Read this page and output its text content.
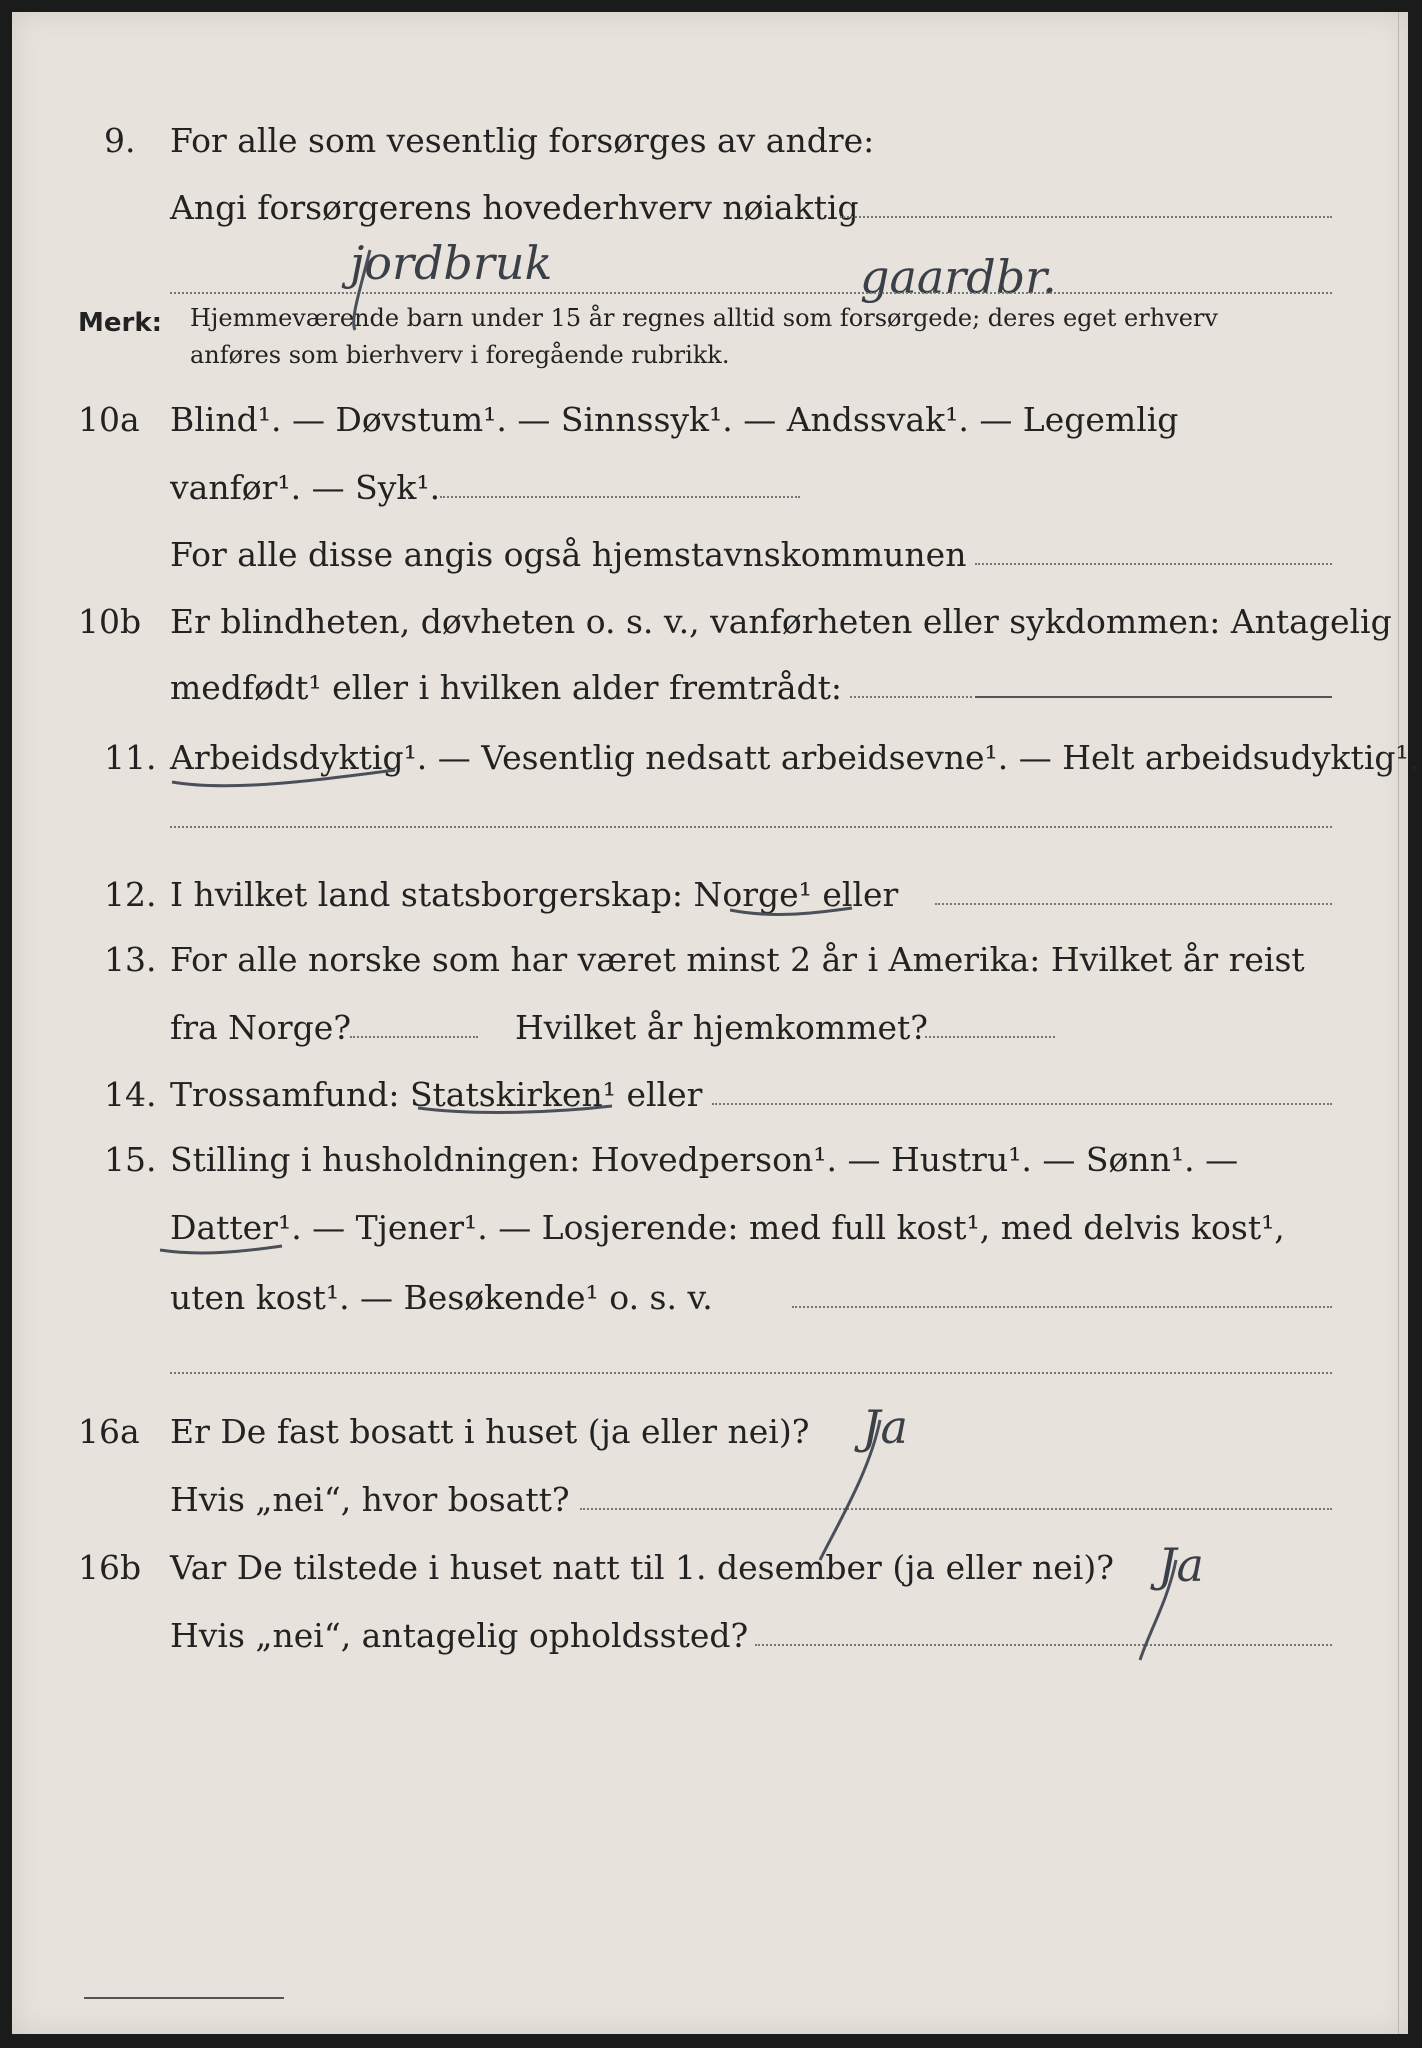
9. For alle som vesentlig forsørges av andre:
Angi forsørgerens hovederhverv nøiaktig
jordbruk	gaardbr.
Merk: Hjemmeværende barn under 15 år regnes alltid som forsørgede; deres eget erhverv
anføres som bierhverv i foregående rubrikk.
10a Blind¹. — Døvstum¹. — Sinnssyk¹. — Andssvak¹. — Legemlig
vanfør¹. — Syk¹.
For alle disse angis også hjemstavnskommunen
10b Er blindheten, døvheten o. s. v., vanførheten eller sykdommen: Antagelig
medfødt¹ eller i hvilken alder fremtrådt:
11. Arbeidsdyktig¹. — Vesentlig nedsatt arbeidsevne¹. — Helt arbeidsudyktig¹.
12. I hvilket land statsborgerskap: Norge¹ eller
13. For alle norske som har været minst 2 år i Amerika: Hvilket år reist
fra Norge?	Hvilket år hjemkommet?
14. Trossamfund: Statskirken¹ eller
15. Stilling i husholdningen: Hovedperson¹. — Hustru¹. — Sønn¹. —
Datter¹. — Tjener¹. — Losjerende: med full kost¹, med delvis kost¹,
uten kost¹. — Besøkende¹ o. s. v.
16a Er De fast bosatt i huset (ja eller nei)? Ja
Hvis „nei“, hvor bosatt?
16b Var De tilstede i huset natt til 1. desember (ja eller nei)? Ja
Hvis „nei“, antagelig opholdssted?
